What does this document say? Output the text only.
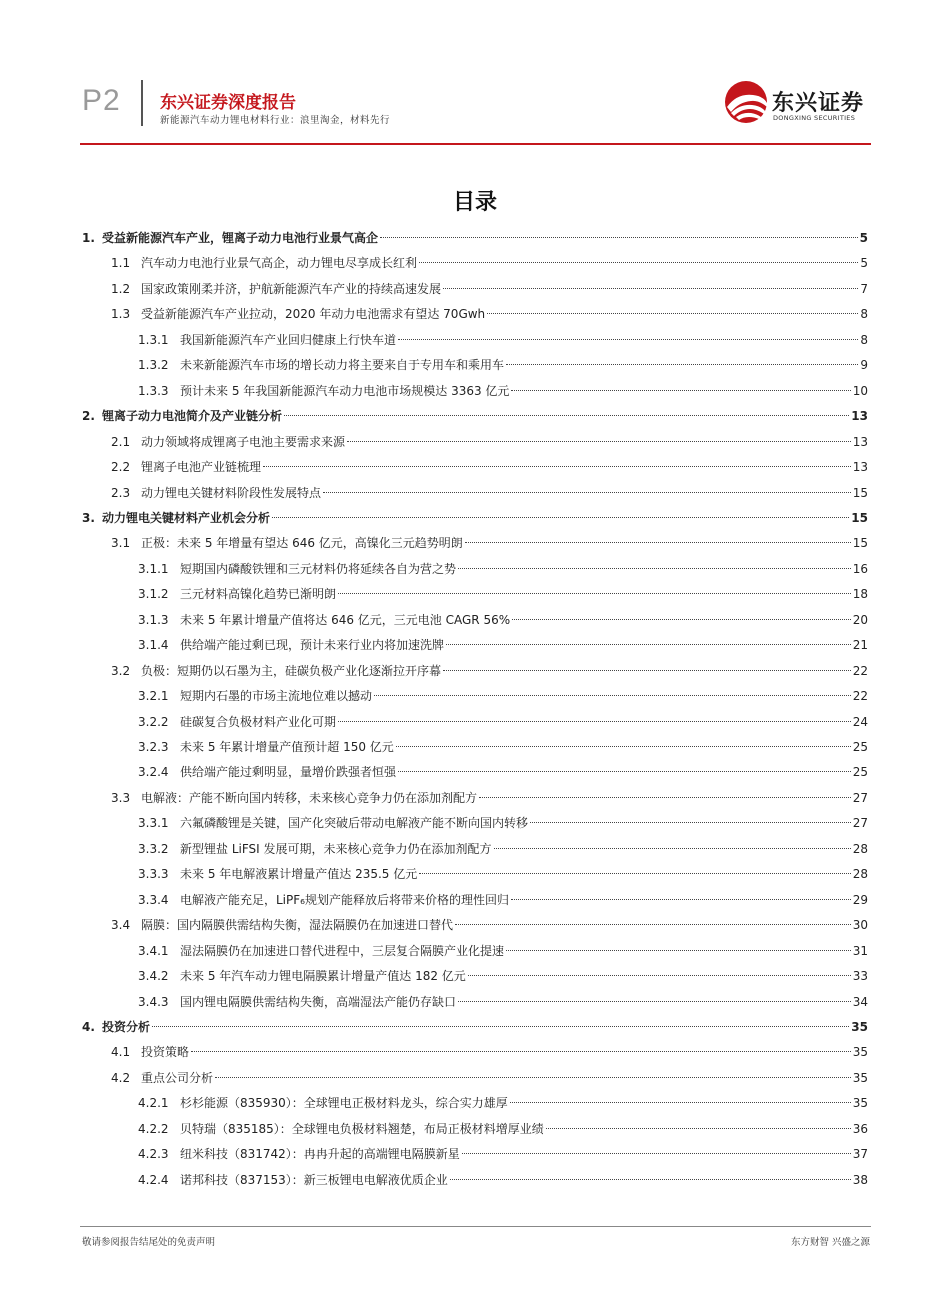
P2 东兴证券深度报告
新能源汽车动力锂电材料行业：浪里淘金，材料先行
东兴证券
DONGXING SECURITIES
目录
1. 受益新能源汽车产业，锂离子动力电池行业景气高企	5
1.1 汽车动力电池行业景气高企，动力锂电尽享成长红利	5
1.2 国家政策刚柔并济，护航新能源汽车产业的持续高速发展	7
1.3 受益新能源汽车产业拉动，2020 年动力电池需求有望达 70Gwh	8
1.3.1 我国新能源汽车产业回归健康上行快车道	8
1.3.2 未来新能源汽车市场的增长动力将主要来自于专用车和乘用车	9
1.3.3 预计未来 5 年我国新能源汽车动力电池市场规模达 3363 亿元	10
2. 锂离子动力电池简介及产业链分析	13
2.1 动力领域将成锂离子电池主要需求来源	13
2.2 锂离子电池产业链梳理	13
2.3 动力锂电关键材料阶段性发展特点	15
3. 动力锂电关键材料产业机会分析	15
3.1 正极：未来 5 年增量有望达 646 亿元，高镍化三元趋势明朗	15
3.1.1 短期国内磷酸铁锂和三元材料仍将延续各自为营之势	16
3.1.2 三元材料高镍化趋势已渐明朗	18
3.1.3 未来 5 年累计增量产值将达 646 亿元，三元电池 CAGR 56%	20
3.1.4 供给端产能过剩已现，预计未来行业内将加速洗牌	21
3.2 负极：短期仍以石墨为主，硅碳负极产业化逐渐拉开序幕	22
3.2.1 短期内石墨的市场主流地位难以撼动	22
3.2.2 硅碳复合负极材料产业化可期	24
3.2.3 未来 5 年累计增量产值预计超 150 亿元	25
3.2.4 供给端产能过剩明显，量增价跌强者恒强	25
3.3 电解液：产能不断向国内转移，未来核心竞争力仍在添加剂配方	27
3.3.1 六氟磷酸锂是关键，国产化突破后带动电解液产能不断向国内转移	27
3.3.2 新型锂盐 LiFSI 发展可期，未来核心竞争力仍在添加剂配方	28
3.3.3 未来 5 年电解液累计增量产值达 235.5 亿元	28
3.3.4 电解液产能充足，LiPF₆规划产能释放后将带来价格的理性回归	29
3.4 隔膜：国内隔膜供需结构失衡，湿法隔膜仍在加速进口替代	30
3.4.1 湿法隔膜仍在加速进口替代进程中，三层复合隔膜产业化提速	31
3.4.2 未来 5 年汽车动力锂电隔膜累计增量产值达 182 亿元	33
3.4.3 国内锂电隔膜供需结构失衡，高端湿法产能仍存缺口	34
4. 投资分析	35
4.1 投资策略	35
4.2 重点公司分析	35
4.2.1 杉杉能源（835930）：全球锂电正极材料龙头，综合实力雄厚	35
4.2.2 贝特瑞（835185）：全球锂电负极材料翘楚，布局正极材料增厚业绩	36
4.2.3 纽米科技（831742）：冉冉升起的高端锂电隔膜新星	37
4.2.4 诺邦科技（837153）：新三板锂电电解液优质企业	38
敬请参阅报告结尾处的免责声明	东方财智 兴盛之源
